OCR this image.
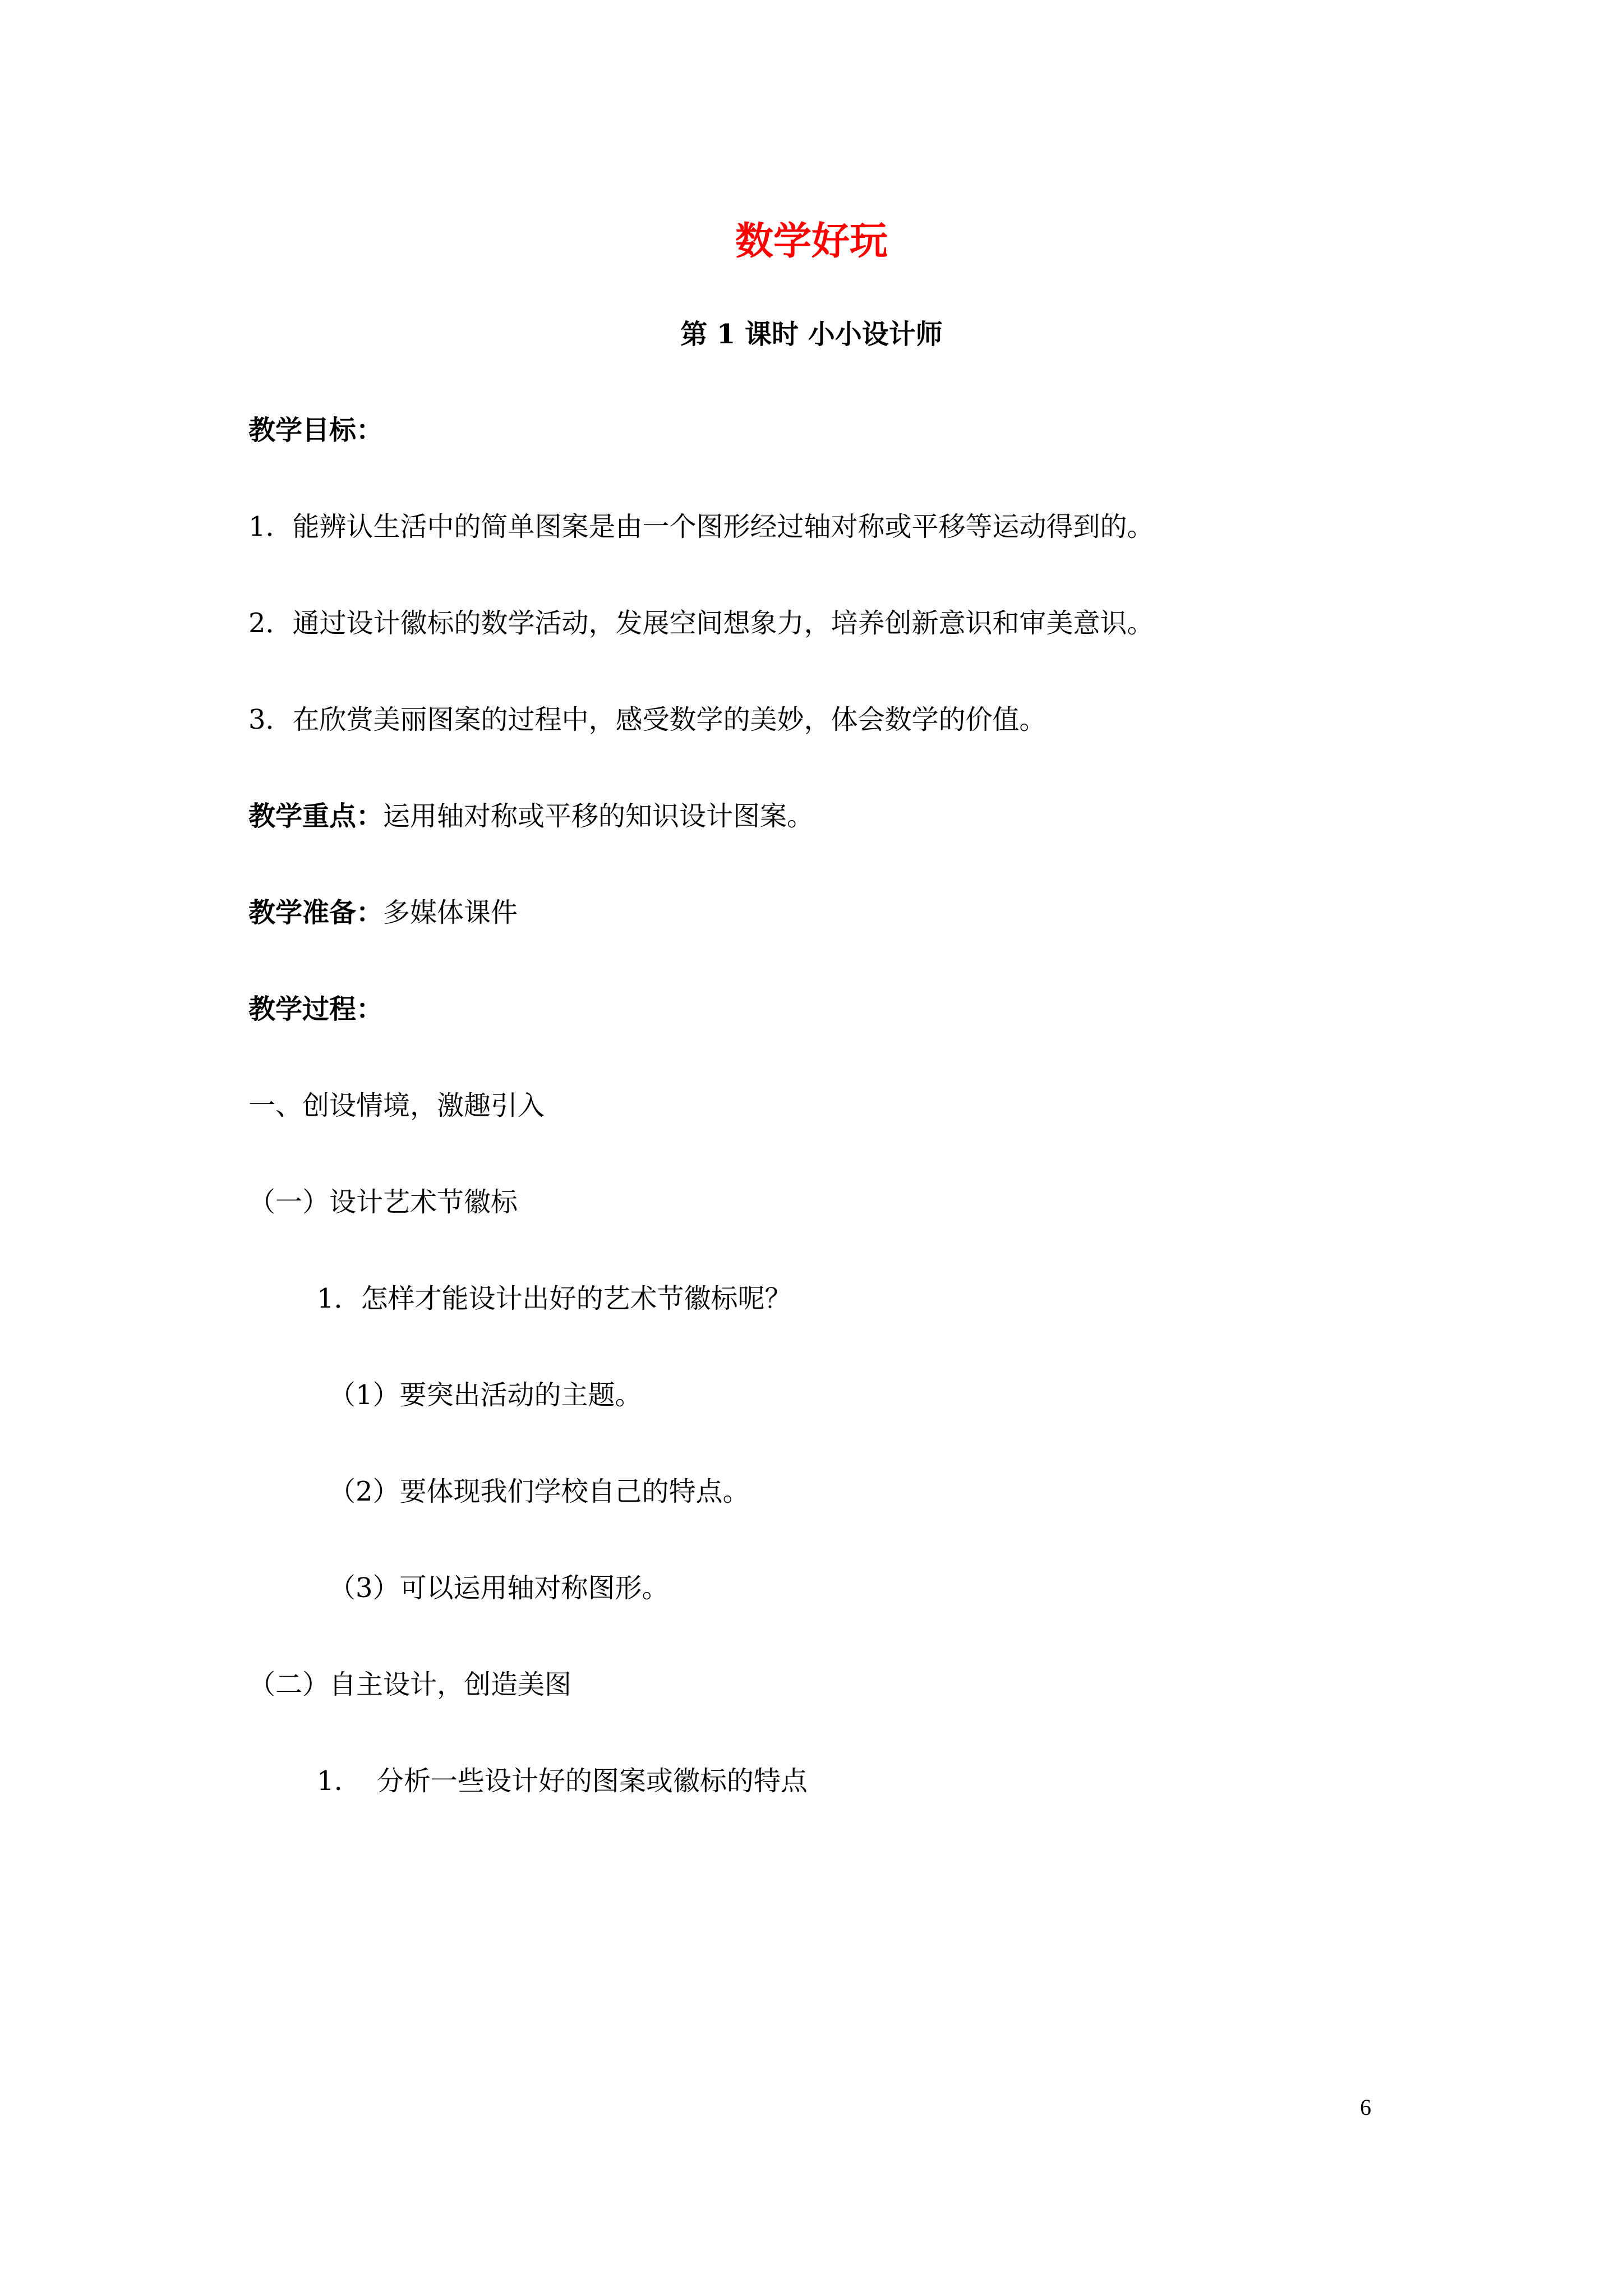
数学好玩
第 1 课时 小小设计师
教学目标：
1．能辨认生活中的简单图案是由一个图形经过轴对称或平移等运动得到的。
2．通过设计徽标的数学活动，发展空间想象力，培养创新意识和审美意识。
3．在欣赏美丽图案的过程中，感受数学的美妙，体会数学的价值。
教学重点：运用轴对称或平移的知识设计图案。
教学准备：多媒体课件
教学过程：
一、创设情境，激趣引入
（一）设计艺术节徽标
1．怎样才能设计出好的艺术节徽标呢？
（1）要突出活动的主题。
（2）要体现我们学校自己的特点。
（3）可以运用轴对称图形。
（二）自主设计，创造美图
1.    分析一些设计好的图案或徽标的特点
6
